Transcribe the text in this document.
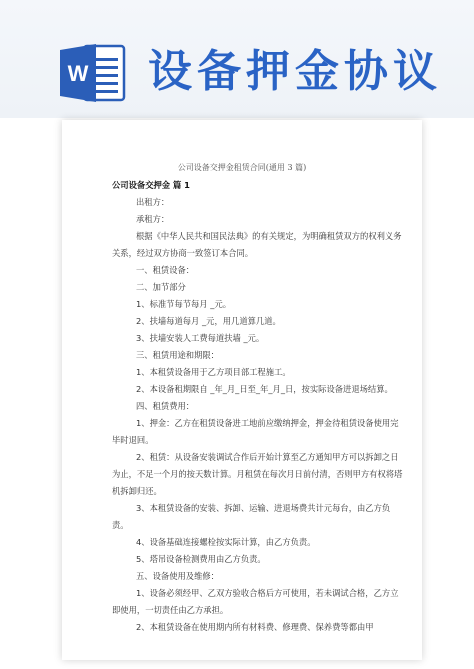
W 设备押金协议
公司设备交押金租赁合同(通用 3 篇)

公司设备交押金 篇 1

出租方：

承租方：

根据《中华人民共和国民法典》的有关规定，为明确租赁双方的权利义务关系，经过双方协商一致签订本合同。

一、租赁设备：

二、加节部分

1、标准节每节每月 _元。

2、扶墙每道每月 _元，用几道算几道。

3、扶墙安装人工费每道扶墙 _元。

三、租赁用途和期限：

1、本租赁设备用于乙方项目部工程施工。

2、本设备租期限自 _年_月_日至_年_月_日，按实际设备进退场结算。

四、租赁费用：

1、押金：乙方在租赁设备进工地前应缴纳押金，押金待租赁设备使用完毕时退回。

2、租赁：从设备安装调试合作后开始计算至乙方通知甲方可以拆卸之日为止，不足一个月的按天数计算。月租赁在每次月日前付清，否则甲方有权将塔机拆卸归还。

3、本租赁设备的安装、拆卸、运输、进退场费共计元每台，由乙方负责。

4、设备基础连接螺栓按实际计算，由乙方负责。

5、塔吊设备检测费用由乙方负责。

五、设备使用及维修：

1、设备必须经甲、乙双方验收合格后方可使用，若未调试合格，乙方立即使用，一切责任由乙方承担。

2、本租赁设备在使用期内所有材料费、修理费、保养费等都由甲
